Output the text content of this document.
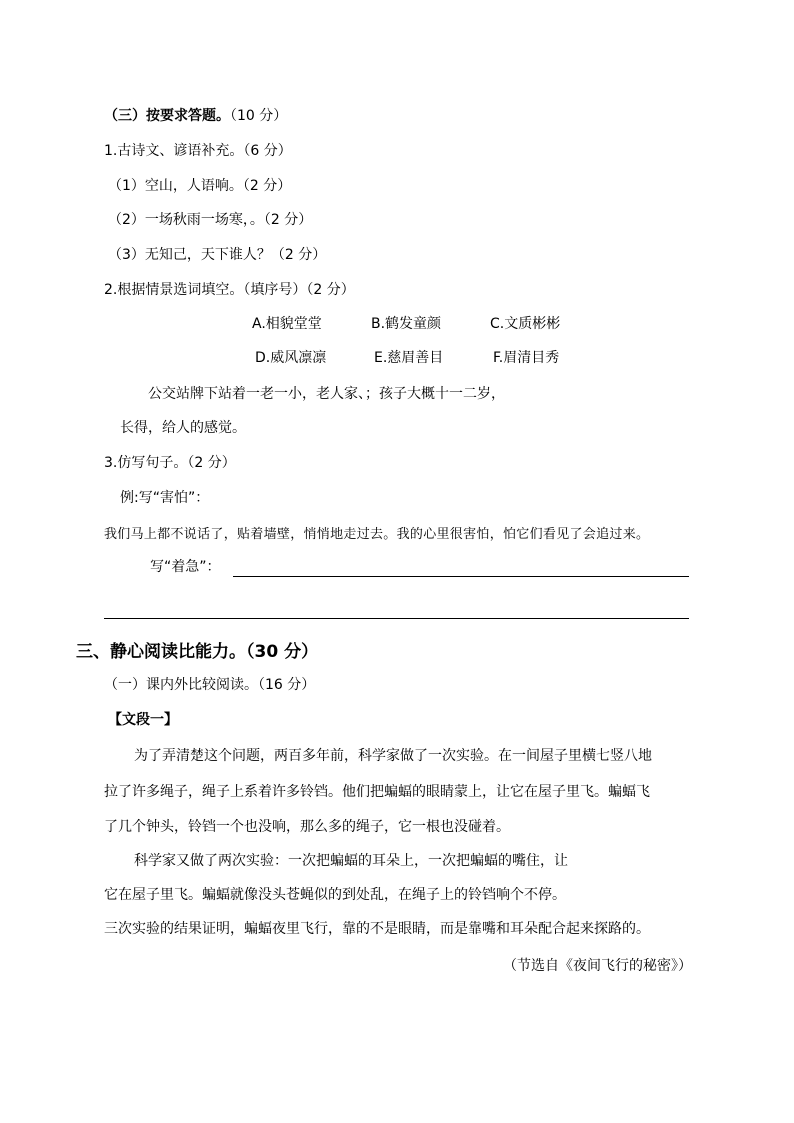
（三）按要求答题。（10 分）
1.古诗文、谚语补充。（6 分）
（1）空山，人语响。（2 分）
（2）一场秋雨一场寒，。（2 分）
（3）无知己，天下谁人？（2 分）
2.根据情景选词填空。（填序号）（2 分）
A.相貌堂堂	B.鹤发童颜	C.文质彬彬
D.威风凛凛	E.慈眉善目	F.眉清目秀
公交站牌下站着一老一小，老人家、；孩子大概十一二岁，
长得，给人的感觉。
3.仿写句子。（2 分）
例:写“害怕”：
我们马上都不说话了，贴着墙壁，悄悄地走过去。我的心里很害怕，怕它们看见了会追过来。
写“着急”：
三、静心阅读比能力。（30 分）
（一）课内外比较阅读。（16 分）
【文段一】
为了弄清楚这个问题，两百多年前，科学家做了一次实验。在一间屋子里横七竖八地
拉了许多绳子，绳子上系着许多铃铛。他们把蝙蝠的眼睛蒙上，让它在屋子里飞。蝙蝠飞
了几个钟头，铃铛一个也没响，那么多的绳子，它一根也没碰着。
科学家又做了两次实验：一次把蝙蝠的耳朵上，一次把蝙蝠的嘴住，让
它在屋子里飞。蝙蝠就像没头苍蝇似的到处乱，在绳子上的铃铛响个不停。
三次实验的结果证明，蝙蝠夜里飞行，靠的不是眼睛，而是靠嘴和耳朵配合起来探路的。
（节选自《夜间飞行的秘密》）
